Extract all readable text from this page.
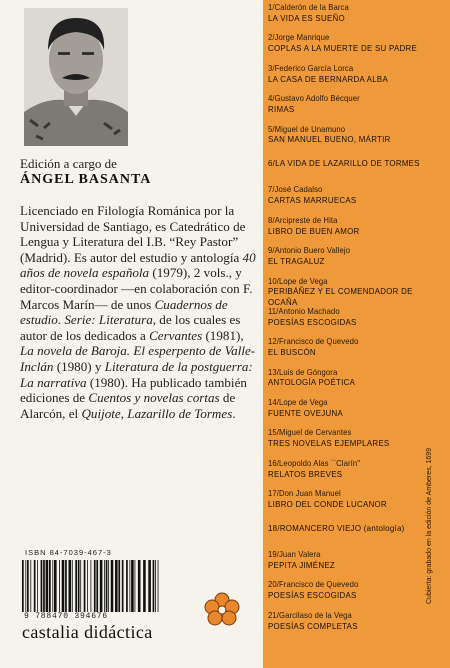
Edición a cargo de
ÁNGEL BASANTA

Licenciado en Filología Románica por la Universidad de Santiago, es Catedrático de Lengua y Literatura del I.B. “Rey Pastor” (Madrid). Es autor del estudio y antología 40 años de novela española (1979), 2 vols., y editor-coordinador —en colaboración con F. Marcos Marín— de unos Cuadernos de estudio. Serie: Literatura, de los cuales es autor de los dedicados a Cervantes (1981), La novela de Baroja. El esperpento de Valle-Inclán (1980) y Literatura de la postguerra: La narrativa (1980). Ha publicado también ediciones de Cuentos y novelas cortas de Alarcón, el Quijote, Lazarillo de Tormes.

ISBN 84-7039-467-3
9 788470 394676
castalia didáctica
1/Calderón de la Barca
LA VIDA ES SUEÑO
2/Jorge Manrique
COPLAS A LA MUERTE DE SU PADRE
3/Federico García Lorca
LA CASA DE BERNARDA ALBA
4/Gustavo Adolfo Bécquer
RIMAS
5/Miguel de Unamuno
SAN MANUEL BUENO, MÁRTIR
6/LA VIDA DE LAZARILLO DE TORMES
7/José Cadalso
CARTAS MARRUECAS
8/Arcipreste de Hita
LIBRO DE BUEN AMOR
9/Antonio Buero Vallejo
EL TRAGALUZ
10/Lope de Vega
PERIBÁÑEZ Y EL COMENDADOR DE OCAÑA
11/Antonio Machado
POESÍAS ESCOGIDAS
12/Francisco de Quevedo
EL BUSCÓN
13/Luis de Góngora
ANTOLOGÍA POÉTICA
14/Lope de Vega
FUENTE OVEJUNA
15/Miguel de Cervantes
TRES NOVELAS EJEMPLARES
16/Leopoldo Alas ``Clarín''
RELATOS BREVES
17/Don Juan Manuel
LIBRO DEL CONDE LUCANOR
18/ROMANCERO VIEJO (antología)
19/Juan Valera
PEPITA JIMÉNEZ
20/Francisco de Quevedo
POESÍAS ESCOGIDAS
21/Garcilaso de la Vega
POESÍAS COMPLETAS
Cubierta: grabado en la edición de Amberes, 1699
